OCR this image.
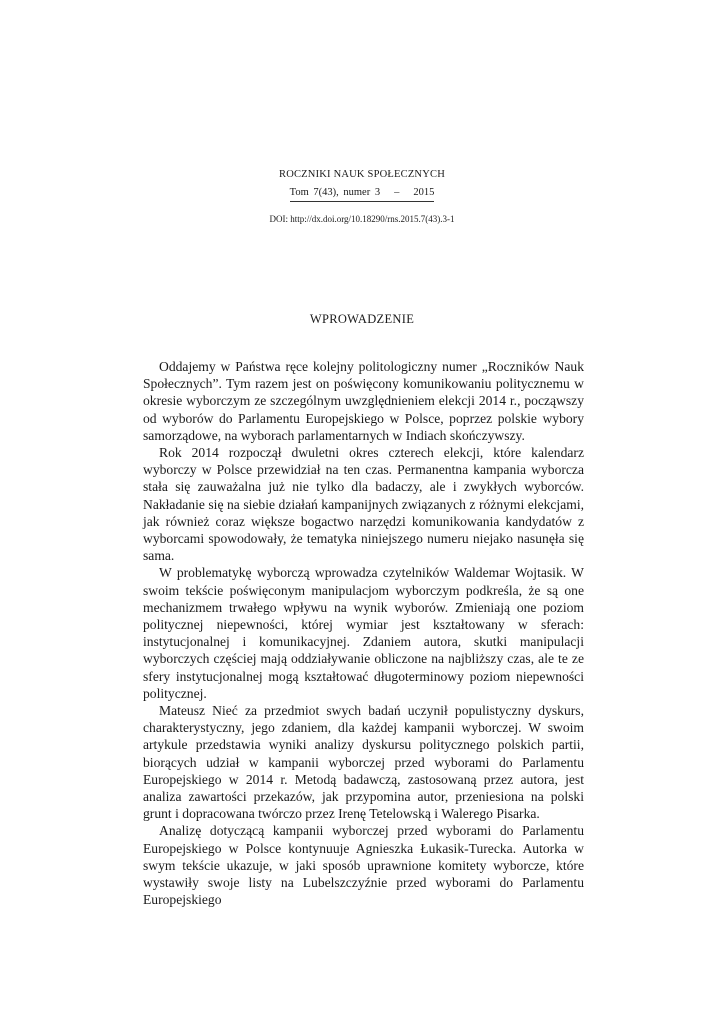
ROCZNIKI NAUK SPOŁECZNYCH
Tom 7(43), numer 3 – 2015
DOI: http://dx.doi.org/10.18290/rns.2015.7(43).3-1
WPROWADZENIE

Oddajemy w Państwa ręce kolejny politologiczny numer „Roczników Nauk Społecznych”. Tym razem jest on poświęcony komunikowaniu politycznemu w okresie wyborczym ze szczególnym uwzględnieniem elekcji 2014 r., począwszy od wyborów do Parlamentu Europejskiego w Polsce, poprzez polskie wybory samorządowe, na wyborach parlamentarnych w Indiach skończywszy.

Rok 2014 rozpoczął dwuletni okres czterech elekcji, które kalendarz wyborczy w Polsce przewidział na ten czas. Permanentna kampania wyborcza stała się zauważalna już nie tylko dla badaczy, ale i zwykłych wyborców. Nakładanie się na siebie działań kampanijnych związanych z różnymi elekcjami, jak również coraz większe bogactwo narzędzi komunikowania kandydatów z wyborcami spowodowały, że tematyka niniejszego numeru niejako nasunęła się sama.

W problematykę wyborczą wprowadza czytelników Waldemar Wojtasik. W swoim tekście poświęconym manipulacjom wyborczym podkreśla, że są one mechanizmem trwałego wpływu na wynik wyborów. Zmieniają one poziom politycznej niepewności, której wymiar jest kształtowany w sferach: instytucjonalnej i komunikacyjnej. Zdaniem autora, skutki manipulacji wyborczych częściej mają oddziaływanie obliczone na najbliższy czas, ale te ze sfery instytucjonalnej mogą kształtować długoterminowy poziom niepewności politycznej.

Mateusz Nieć za przedmiot swych badań uczynił populistyczny dyskurs, charakterystyczny, jego zdaniem, dla każdej kampanii wyborczej. W swoim artykule przedstawia wyniki analizy dyskursu politycznego polskich partii, biorących udział w kampanii wyborczej przed wyborami do Parlamentu Europejskiego w 2014 r. Metodą badawczą, zastosowaną przez autora, jest analiza zawartości przekazów, jak przypomina autor, przeniesiona na polski grunt i dopracowana twórczo przez Irenę Tetelowską i Walerego Pisarka.

Analizę dotyczącą kampanii wyborczej przed wyborami do Parlamentu Europejskiego w Polsce kontynuuje Agnieszka Łukasik-Turecka. Autorka w swym tekście ukazuje, w jaki sposób uprawnione komitety wyborcze, które wystawiły swoje listy na Lubelszczyźnie przed wyborami do Parlamentu Europejskiego
